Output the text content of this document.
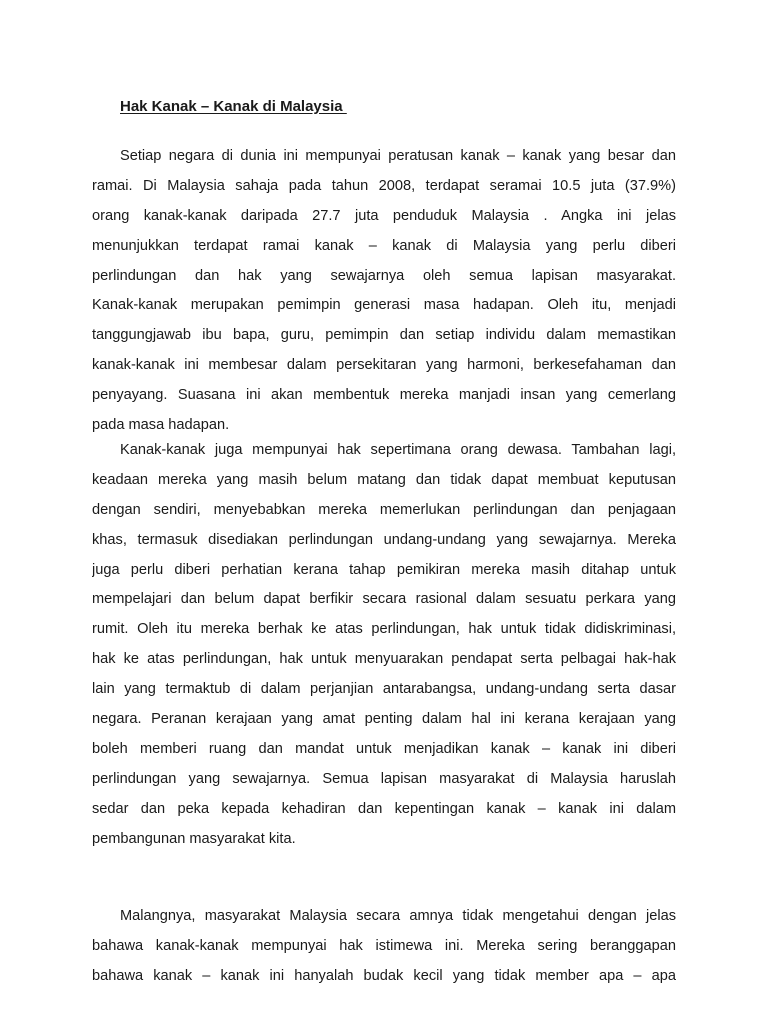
Hak Kanak – Kanak di Malaysia
Setiap negara di dunia ini mempunyai peratusan kanak – kanak yang besar dan
ramai. Di Malaysia sahaja pada tahun 2008, terdapat seramai 10.5 juta (37.9%)
orang kanak-kanak daripada 27.7 juta penduduk Malaysia . Angka ini jelas
menunjukkan terdapat ramai kanak – kanak di Malaysia yang perlu diberi
perlindungan dan hak yang sewajarnya oleh semua lapisan masyarakat.
Kanak-kanak merupakan pemimpin generasi masa hadapan. Oleh itu, menjadi
tanggungjawab ibu bapa, guru, pemimpin dan setiap individu dalam memastikan
kanak-kanak ini membesar dalam persekitaran yang harmoni, berkesefahaman dan
penyayang. Suasana ini akan membentuk mereka manjadi insan yang cemerlang
pada masa hadapan.
Kanak-kanak juga mempunyai hak sepertimana orang dewasa. Tambahan lagi,
keadaan mereka yang masih belum matang dan tidak dapat membuat keputusan
dengan sendiri, menyebabkan mereka memerlukan perlindungan dan penjagaan
khas, termasuk disediakan perlindungan undang-undang yang sewajarnya. Mereka
juga perlu diberi perhatian kerana tahap pemikiran mereka masih ditahap untuk
mempelajari dan belum dapat berfikir secara rasional dalam sesuatu perkara yang
rumit. Oleh itu mereka berhak ke atas perlindungan, hak untuk tidak didiskriminasi,
hak ke atas perlindungan, hak untuk menyuarakan pendapat serta pelbagai hak-hak
lain yang termaktub di dalam perjanjian antarabangsa, undang-undang serta dasar
negara. Peranan kerajaan yang amat penting dalam hal ini kerana kerajaan yang
boleh memberi ruang dan mandat untuk menjadikan kanak – kanak ini diberi
perlindungan yang sewajarnya. Semua lapisan masyarakat di Malaysia haruslah
sedar dan peka kepada kehadiran dan kepentingan kanak – kanak ini dalam
pembangunan masyarakat kita.
Malangnya, masyarakat Malaysia secara amnya tidak mengetahui dengan jelas
bahawa kanak-kanak mempunyai hak istimewa ini. Mereka sering beranggapan
bahawa kanak – kanak ini hanyalah budak kecil yang tidak member apa – apa
